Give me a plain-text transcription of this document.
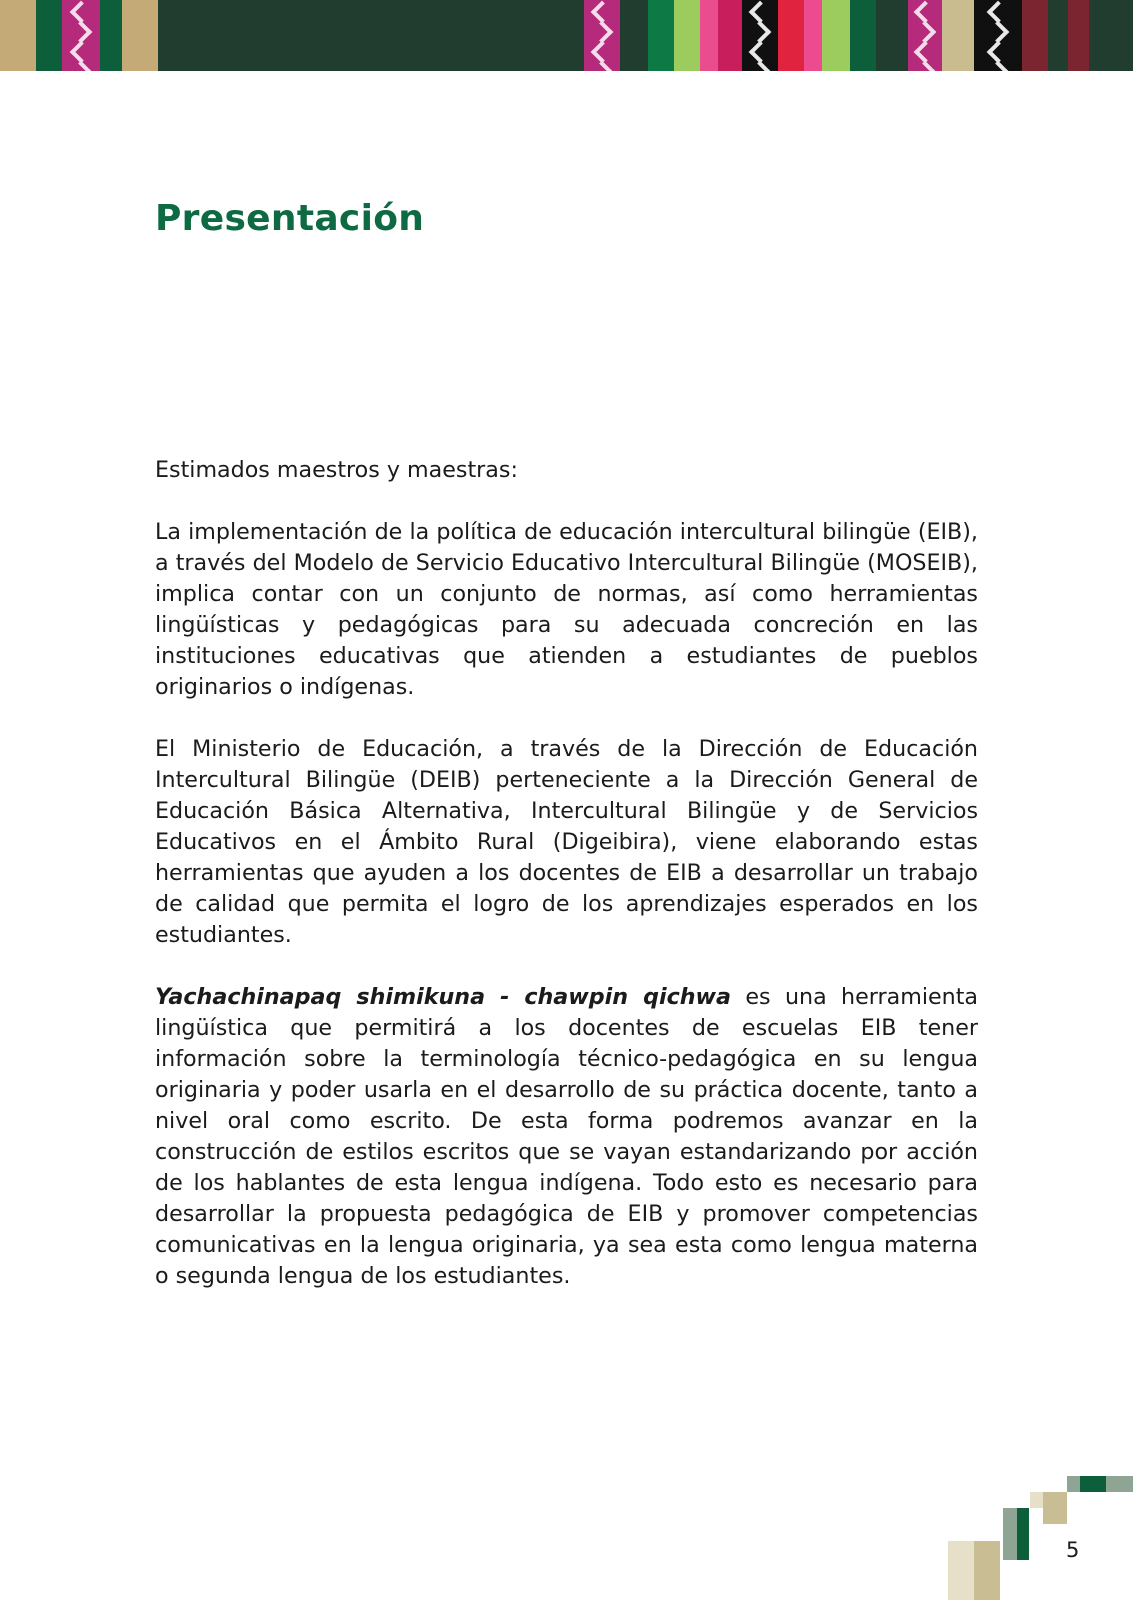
Presentación

Estimados maestros y maestras:

La implementación de la política de educación intercultural bilingüe (EIB), a través del Modelo de Servicio Educativo Intercultural Bilingüe (MOSEIB), implica contar con un conjunto de normas, así como herramientas lingüísticas y pedagógicas para su adecuada concreción en las instituciones educativas que atienden a estudiantes de pueblos originarios o indígenas.

El Ministerio de Educación, a través de la Dirección de Educación Intercultural Bilingüe (DEIB) perteneciente a la Dirección General de Educación Básica Alternativa, Intercultural Bilingüe y de Servicios Educativos en el Ámbito Rural (Digeibira), viene elaborando estas herramientas que ayuden a los docentes de EIB a desarrollar un trabajo de calidad que permita el logro de los aprendizajes esperados en los estudiantes.

Yachachinapaq shimikuna - chawpin qichwa es una herramienta lingüística que permitirá a los docentes de escuelas EIB tener información sobre la terminología técnico-pedagógica en su lengua originaria y poder usarla en el desarrollo de su práctica docente, tanto a nivel oral como escrito. De esta forma podremos avanzar en la construcción de estilos escritos que se vayan estandarizando por acción de los hablantes de esta lengua indígena. Todo esto es necesario para desarrollar la propuesta pedagógica de EIB y promover competencias comunicativas en la lengua originaria, ya sea esta como lengua materna o segunda lengua de los estudiantes.

5
